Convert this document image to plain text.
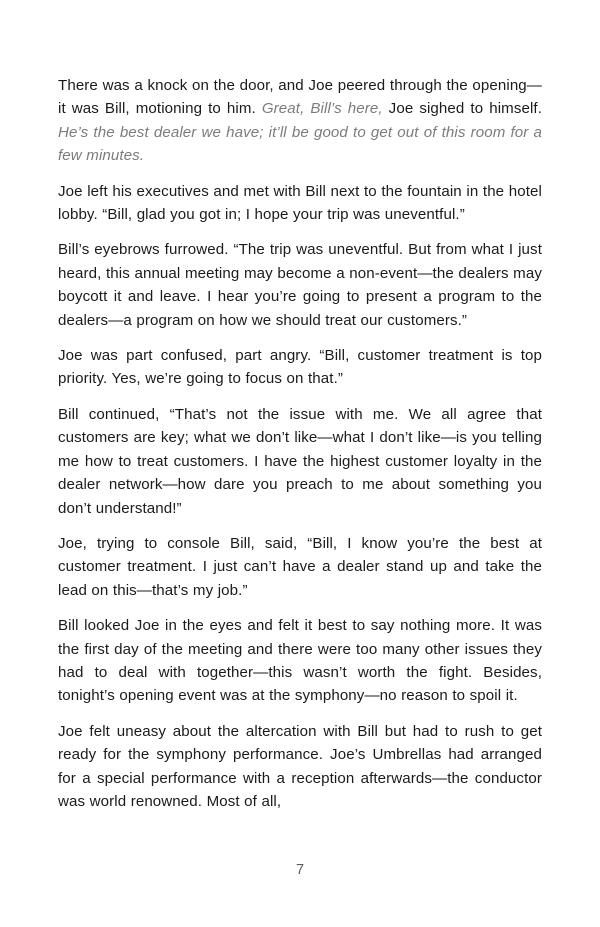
There was a knock on the door, and Joe peered through the opening—it was Bill, motioning to him. Great, Bill’s here, Joe sighed to himself. He’s the best dealer we have; it’ll be good to get out of this room for a few minutes.

Joe left his executives and met with Bill next to the fountain in the hotel lobby. “Bill, glad you got in; I hope your trip was uneventful.”

Bill’s eyebrows furrowed. “The trip was uneventful. But from what I just heard, this annual meeting may become a non-event—the dealers may boycott it and leave. I hear you’re going to present a program to the dealers—a program on how we should treat our customers.”

Joe was part confused, part angry. “Bill, customer treatment is top priority. Yes, we’re going to focus on that.”

Bill continued, “That’s not the issue with me. We all agree that customers are key; what we don’t like—what I don’t like—is you telling me how to treat customers. I have the highest customer loyalty in the dealer network—how dare you preach to me about something you don’t understand!”

Joe, trying to console Bill, said, “Bill, I know you’re the best at customer treatment. I just can’t have a dealer stand up and take the lead on this—that’s my job.”

Bill looked Joe in the eyes and felt it best to say nothing more. It was the first day of the meeting and there were too many other issues they had to deal with together—this wasn’t worth the fight. Besides, tonight’s opening event was at the symphony—no reason to spoil it.

Joe felt uneasy about the altercation with Bill but had to rush to get ready for the symphony performance. Joe’s Umbrellas had arranged for a special performance with a reception afterwards—the conductor was world renowned. Most of all,

7
